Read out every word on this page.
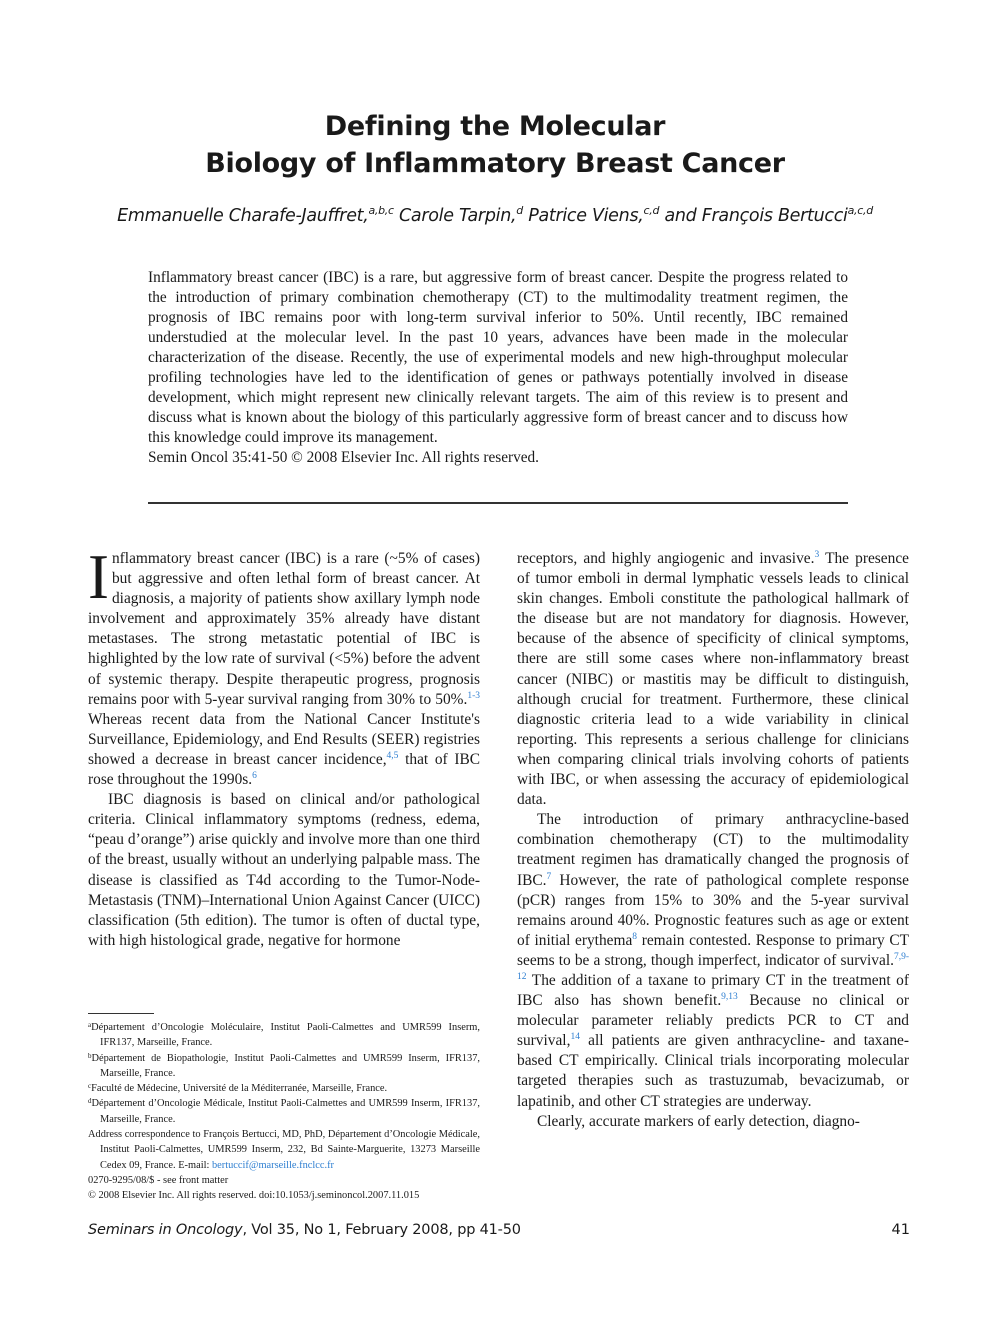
Defining the Molecular
Biology of Inflammatory Breast Cancer
Emmanuelle Charafe-Jauffret,$^{a,b,c}$ Carole Tarpin,$^d$ Patrice Viens,$^{c,d}$ and François Bertucci$^{a,c,d}$

Inflammatory breast cancer (IBC) is a rare, but aggressive form of breast cancer. Despite the progress related to the introduction of primary combination chemotherapy (CT) to the multimodality treatment regimen, the prognosis of IBC remains poor with long-term survival inferior to 50%. Until recently, IBC remained understudied at the molecular level. In the past 10 years, advances have been made in the molecular characterization of the disease. Recently, the use of experimental models and new high-throughput molecular profiling technologies have led to the identification of genes or pathways potentially involved in disease development, which might represent new clinically relevant targets. The aim of this review is to present and discuss what is known about the biology of this particularly aggressive form of breast cancer and to discuss how this knowledge could improve its management.

Semin Oncol 35:41-50 © 2008 Elsevier Inc. All rights reserved.

Inflammatory breast cancer (IBC) is a rare (~5% of cases) but aggressive and often lethal form of breast cancer. At diagnosis, a majority of patients show axillary lymph node involvement and approximately 35% already have distant metastases. The strong metastatic potential of IBC is highlighted by the low rate of survival (<5%) before the advent of systemic therapy. Despite therapeutic progress, prognosis remains poor with 5-year survival ranging from 30% to 50%.$^{1-3}$ Whereas recent data from the National Cancer Institute's Surveillance, Epidemiology, and End Results (SEER) registries showed a decrease in breast cancer incidence,$^{4,5}$ that of IBC rose throughout the 1990s.$^6$

IBC diagnosis is based on clinical and/or pathological criteria. Clinical inflammatory symptoms (redness, edema, “peau d’orange”) arise quickly and involve more than one third of the breast, usually without an underlying palpable mass. The disease is classified as T4d according to the Tumor-Node-Metastasis (TNM)–International Union Against Cancer (UICC) classification (5th edition). The tumor is often of ductal type, with high histological grade, negative for hormone

receptors, and highly angiogenic and invasive.$^3$ The presence of tumor emboli in dermal lymphatic vessels leads to clinical skin changes. Emboli constitute the pathological hallmark of the disease but are not mandatory for diagnosis. However, because of the absence of specificity of clinical symptoms, there are still some cases where non-inflammatory breast cancer (NIBC) or mastitis may be difficult to distinguish, although crucial for treatment. Furthermore, these clinical diagnostic criteria lead to a wide variability in clinical reporting. This represents a serious challenge for clinicians when comparing clinical trials involving cohorts of patients with IBC, or when assessing the accuracy of epidemiological data.

The introduction of primary anthracycline-based combination chemotherapy (CT) to the multimodality treatment regimen has dramatically changed the prognosis of IBC.$^7$ However, the rate of pathological complete response (pCR) ranges from 15% to 30% and the 5-year survival remains around 40%. Prognostic features such as age or extent of initial erythema$^8$ remain contested. Response to primary CT seems to be a strong, though imperfect, indicator of survival.$^{7,9-12}$ The addition of a taxane to primary CT in the treatment of IBC also has shown benefit.$^{9,13}$ Because no clinical or molecular parameter reliably predicts PCR to CT and survival,$^{14}$ all patients are given anthracycline- and taxane-based CT empirically. Clinical trials incorporating molecular targeted therapies such as trastuzumab, bevacizumab, or lapatinib, and other CT strategies are underway.

Clearly, accurate markers of early detection, diagno-

$^a$Département d’Oncologie Moléculaire, Institut Paoli-Calmettes and UMR599 Inserm, IFR137, Marseille, France.

$^b$Département de Biopathologie, Institut Paoli-Calmettes and UMR599 Inserm, IFR137, Marseille, France.

$^c$Faculté de Médecine, Université de la Méditerranée, Marseille, France.

$^d$Département d’Oncologie Médicale, Institut Paoli-Calmettes and UMR599 Inserm, IFR137, Marseille, France.

Address correspondence to François Bertucci, MD, PhD, Département d’Oncologie Médicale, Institut Paoli-Calmettes, UMR599 Inserm, 232, Bd Sainte-Marguerite, 13273 Marseille Cedex 09, France. E-mail: bertuccif@marseille.fnclcc.fr

0270-9295/08/$ - see front matter

© 2008 Elsevier Inc. All rights reserved. doi:10.1053/j.seminoncol.2007.11.015

Seminars in Oncology, Vol 35, No 1, February 2008, pp 41-50	41
